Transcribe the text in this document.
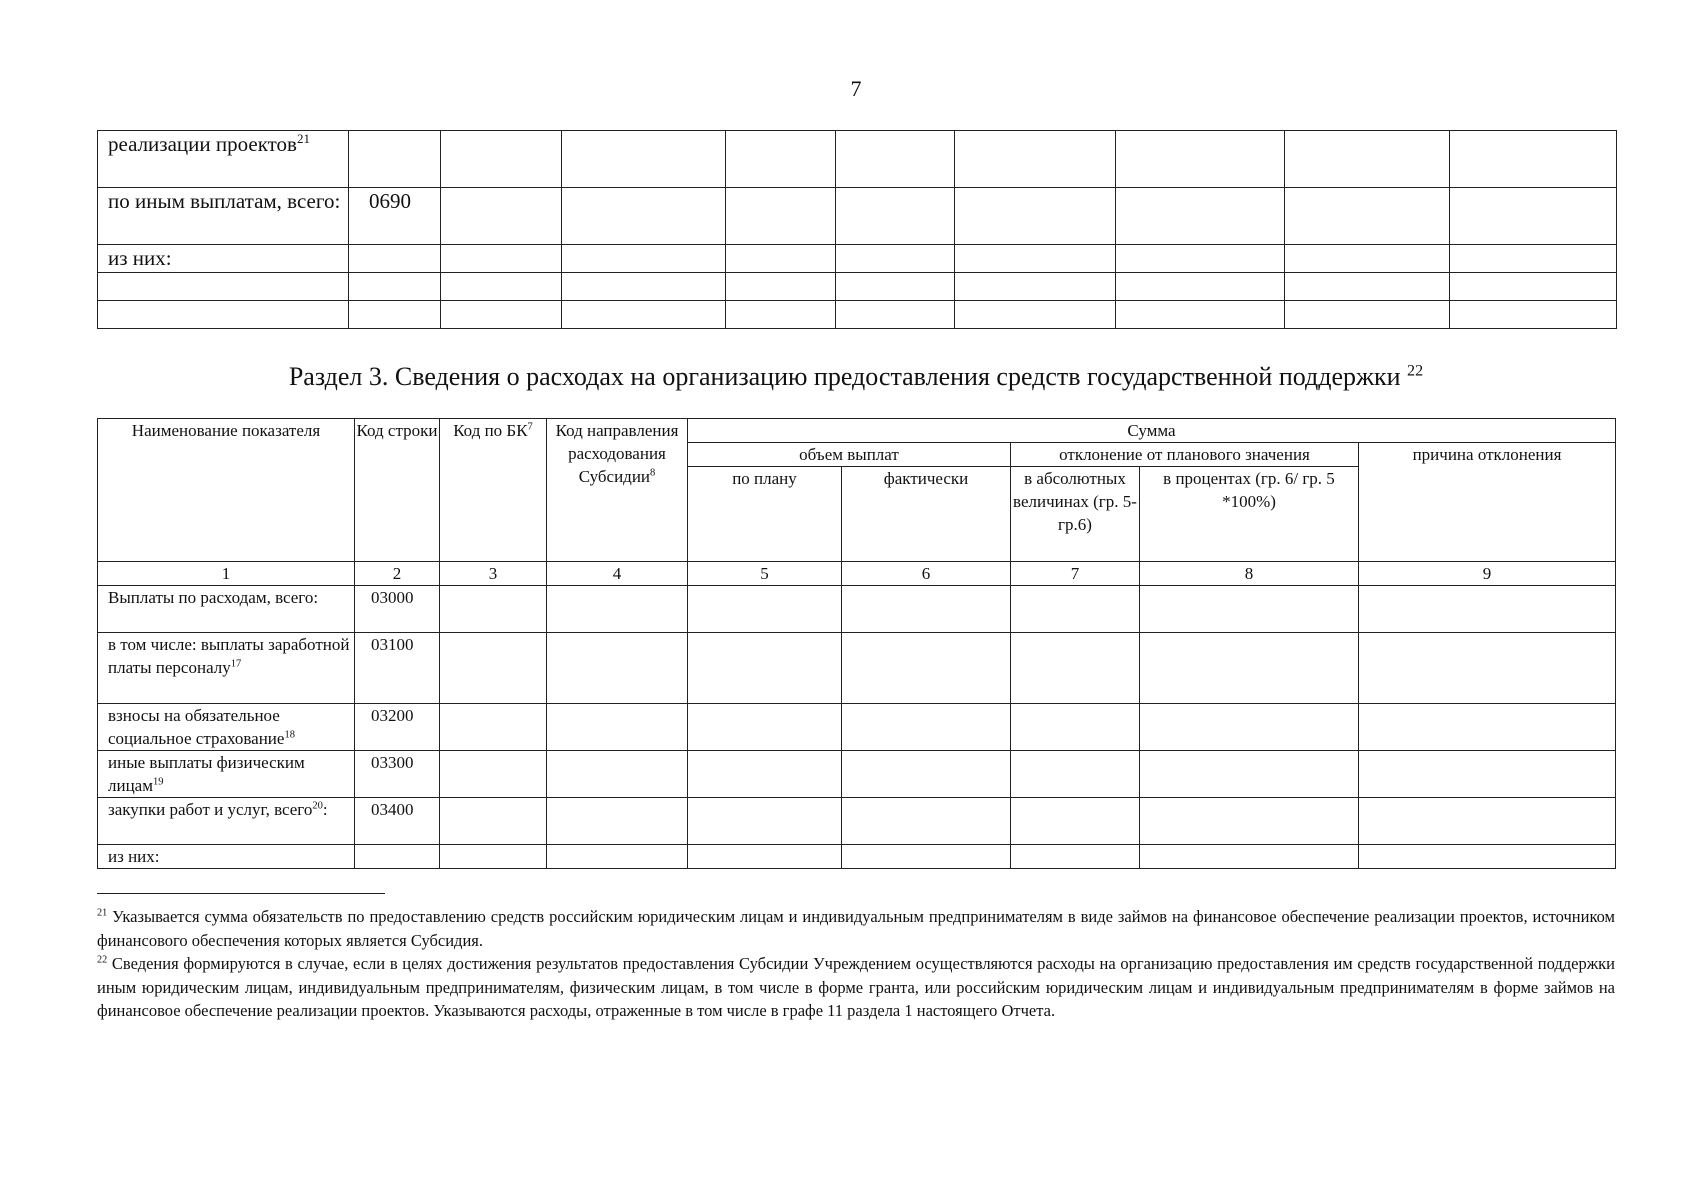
7
реализации проектов$^{21}$									
по иным выплатам, всего:	0690								
из них:									

Раздел 3. Сведения о расходах на организацию предоставления средств государственной поддержки $^{22}$
Наименование показателя	Код строки	Код по $БК^7$	Код направления расходования Субсидии$^8$	Сумма				
				объем выплат		отклонение от планового значения		причина отклонения
				по плану	фактически	в абсолютных величинах (гр. 5-гр.6)	в процентах (гр. 6/ гр. 5 *100%)	
1	2	3	4	5	6	7	8	9
Выплаты по расходам, всего:	03000							
в том числе: выплаты заработной платы персоналу$^{17}$	03100							
взносы на обязательное социальное страхование$^{18}$	03200							
иные выплаты физическим лицам$^{19}$	03300							
закупки работ и услуг, всего$^{20}$:	03400							
из них:								

$^{21}$ Указывается сумма обязательств по предоставлению средств российским юридическим лицам и индивидуальным предпринимателям в виде займов на финансовое обеспечение реализации проектов, источником финансового обеспечения которых является Субсидия.

$^{22}$ Сведения формируются в случае, если в целях достижения результатов предоставления Субсидии Учреждением осуществляются расходы на организацию предоставления им средств государственной поддержки иным юридическим лицам, индивидуальным предпринимателям, физическим лицам, в том числе в форме гранта, или российским юридическим лицам и индивидуальным предпринимателям в форме займов на финансовое обеспечение реализации проектов. Указываются расходы, отраженные в том числе в графе 11 раздела 1 настоящего Отчета.
